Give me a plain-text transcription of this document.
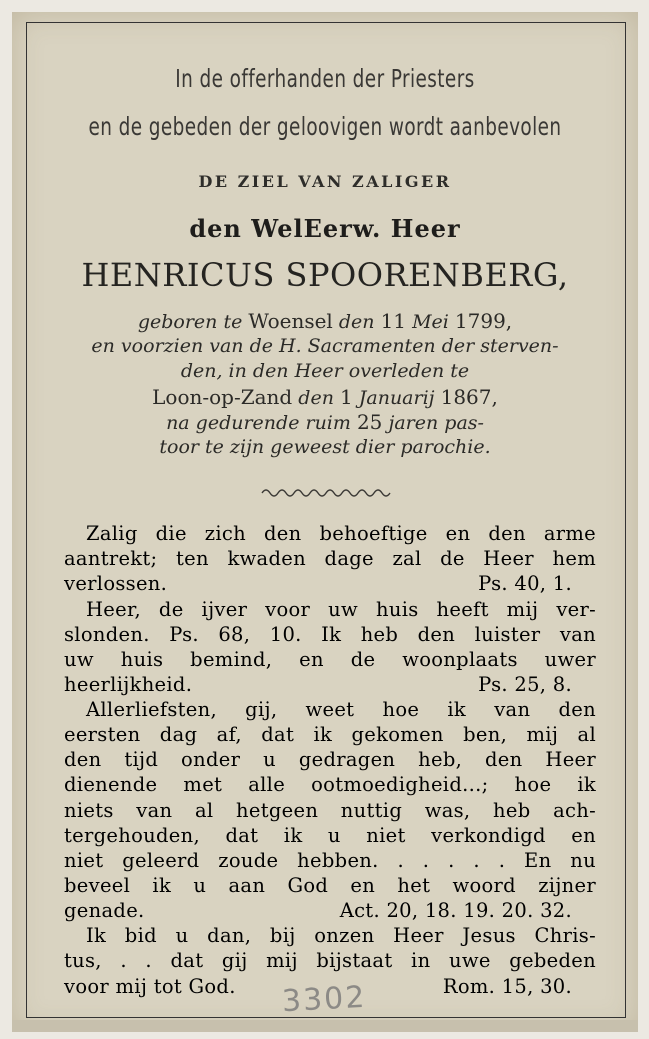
In de offerhanden der Priesters
en de gebeden der geloovigen wordt aanbevolen
DE ZIEL VAN ZALIGER
den WelEerw. Heer
HENRICUS SPOORENBERG,
geboren te Woensel den 11 Mei 1799,
en voorzien van de H. Sacramenten der sterven-
den, in den Heer overleden te
Loon-op-Zand den 1 Januarij 1867,
na gedurende ruim 25 jaren pas-
toor te zijn geweest dier parochie.
Zalig die zich den behoeftige en den arme
aantrekt; ten kwaden dage zal de Heer hem
verlossen.	Ps. 40, 1.
Heer, de ijver voor uw huis heeft mij ver-
slonden. Ps. 68, 10. Ik heb den luister van
uw huis bemind, en de woonplaats uwer
heerlijkheid.	Ps. 25, 8.
Allerliefsten, gij, weet hoe ik van den
eersten dag af, dat ik gekomen ben, mij al
den tijd onder u gedragen heb, den Heer
dienende met alle ootmoedigheid...; hoe ik
niets van al hetgeen nuttig was, heb ach-
tergehouden, dat ik u niet verkondigd en
niet geleerd zoude hebben. . . . . . En nu
beveel ik u aan God en het woord zijner
genade.	Act. 20, 18. 19. 20. 32.
Ik bid u dan, bij onzen Heer Jesus Chris-
tus, . . dat gij mij bijstaat in uwe gebeden
voor mij tot God.	Rom. 15, 30.
3302
